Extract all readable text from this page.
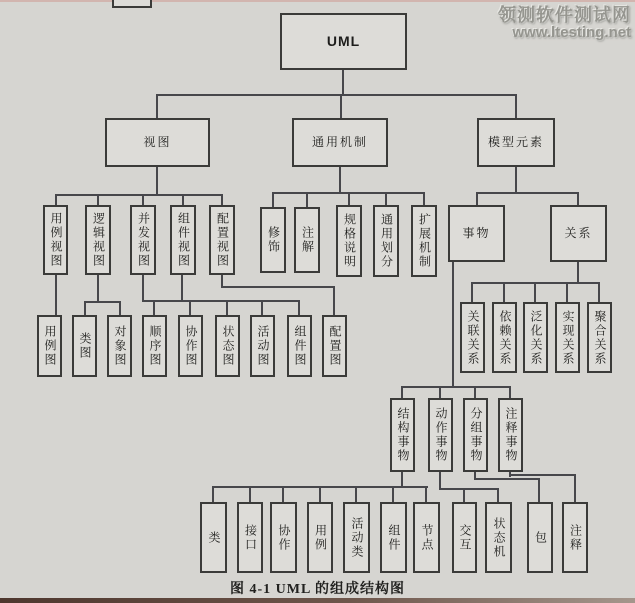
领测软件测试网
www.ltesting.net
UML
视图	通用机制	模型元素
用例视图	逻辑视图	并发视图	组件视图	配置视图	修饰	注解	规格说明	通用划分	扩展机制	事物	关系
用例图	类图	对象图	顺序图	协作图	状态图	活动图	组件图	配置图	关联关系	依赖关系	泛化关系	实现关系	聚合关系
结构事物	动作事物	分组事物	注释事物
类	接口	协作	用例	活动类	组件	节点	交互	状态机	包	注释
图 4-1 UML 的组成结构图
